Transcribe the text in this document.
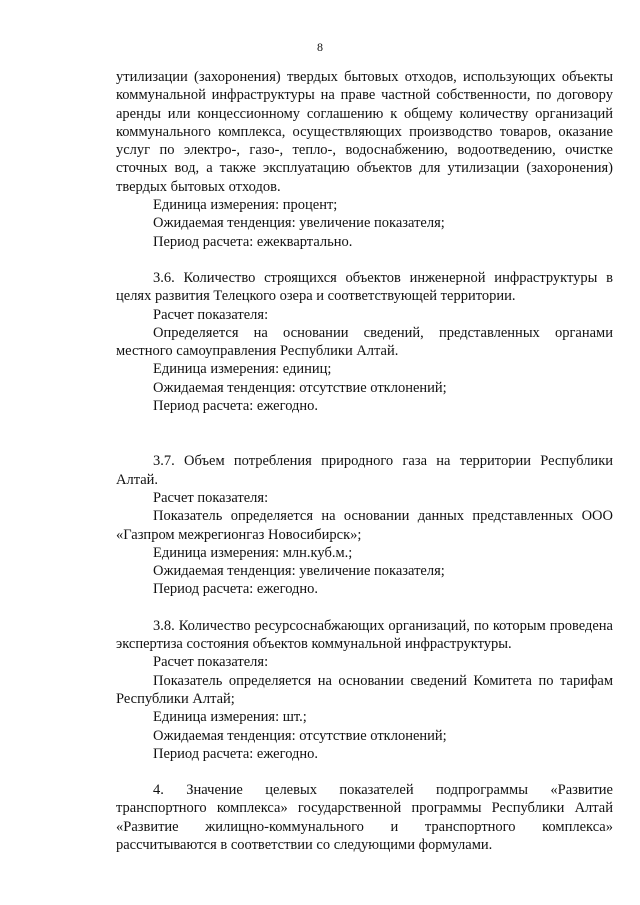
8

утилизации (захоронения) твердых бытовых отходов, использующих объекты коммунальной инфраструктуры на праве частной собственности, по договору аренды или концессионному соглашению к общему количеству организаций коммунального комплекса, осуществляющих производство товаров, оказание услуг по электро-, газо-, тепло-, водоснабжению, водоотведению, очистке сточных вод, а также эксплуатацию объектов для утилизации (захоронения) твердых бытовых отходов.

Единица измерения: процент;

Ожидаемая тенденция: увеличение показателя;

Период расчета: ежеквартально.

3.6. Количество строящихся объектов инженерной инфраструктуры в целях развития Телецкого озера и соответствующей территории.

Расчет показателя:

Определяется на основании сведений, представленных органами местного самоуправления Республики Алтай.

Единица измерения: единиц;

Ожидаемая тенденция: отсутствие отклонений;

Период расчета: ежегодно.

3.7. Объем потребления природного газа на территории Республики Алтай.

Расчет показателя:

Показатель определяется на основании данных представленных ООО «Газпром межрегионгаз Новосибирск»;

Единица измерения: млн.куб.м.;

Ожидаемая тенденция: увеличение показателя;

Период расчета: ежегодно.

3.8. Количество ресурсоснабжающих организаций, по которым проведена экспертиза состояния объектов коммунальной инфраструктуры.

Расчет показателя:

Показатель определяется на основании сведений Комитета по тарифам Республики Алтай;

Единица измерения: шт.;

Ожидаемая тенденция: отсутствие отклонений;

Период расчета: ежегодно.

4. Значение целевых показателей подпрограммы «Развитие транспортного комплекса» государственной программы Республики Алтай «Развитие жилищно-коммунального и транспортного комплекса» рассчитываются в соответствии со следующими формулами.
